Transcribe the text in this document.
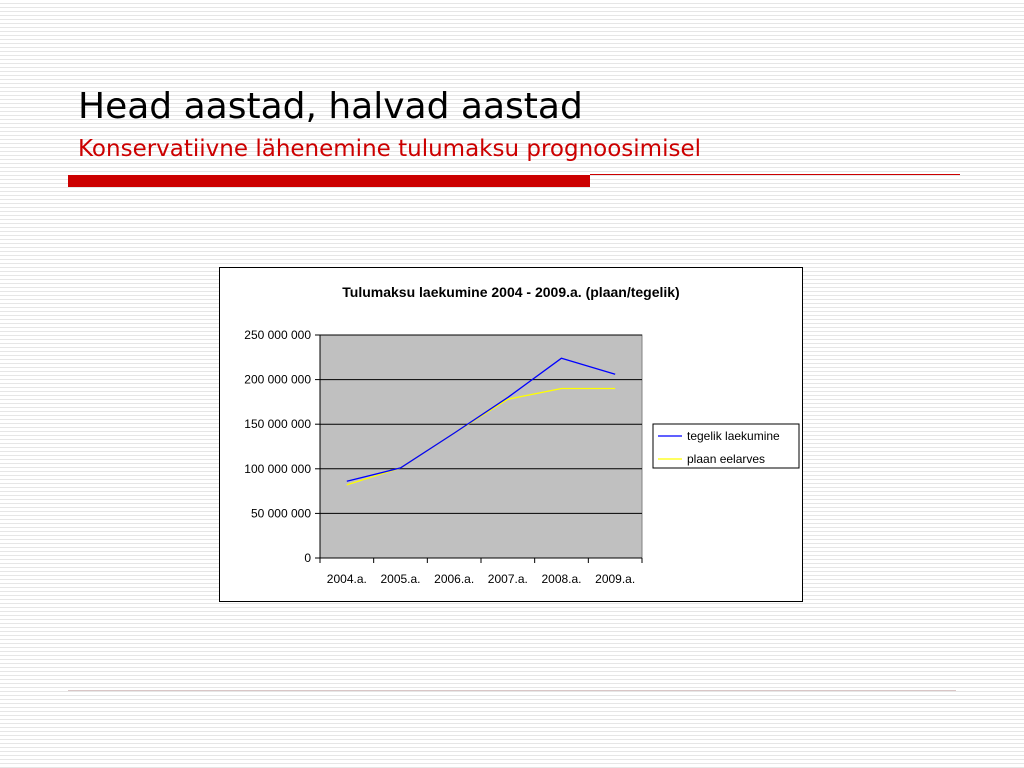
Head aastad, halvad aastad
Konservatiivne lähenemine tulumaksu prognoosimisel
Tulumaksu laekumine 2004 - 2009.a. (plaan/tegelik)
0
50 000 000
100 000 000
150 000 000
200 000 000
250 000 000
2004.a. 2005.a. 2006.a. 2007.a. 2008.a. 2009.a.
tegelik laekumine
plaan eelarves
